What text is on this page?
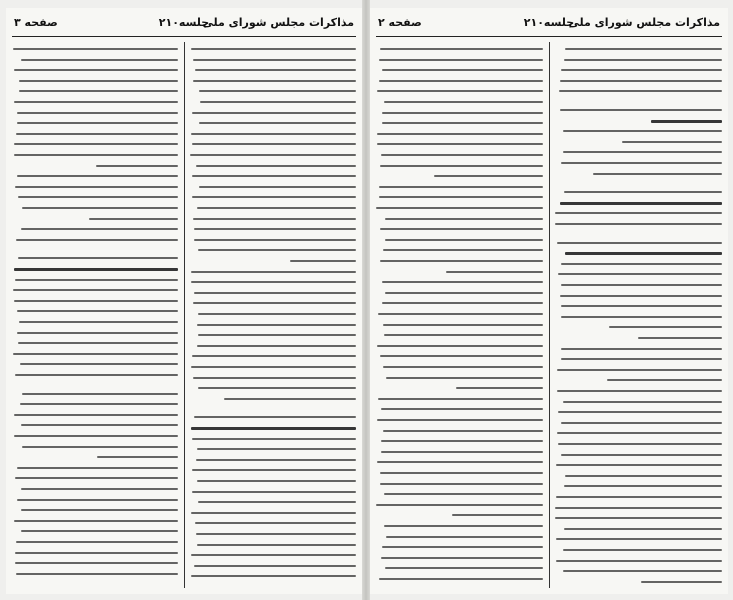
مذاکرات مجلس شورای ملی
جلسه۲۱۰
صفحه ۳	مذاکرات مجلس شورای ملی
جلسه۲۱۰
صفحه ۲
